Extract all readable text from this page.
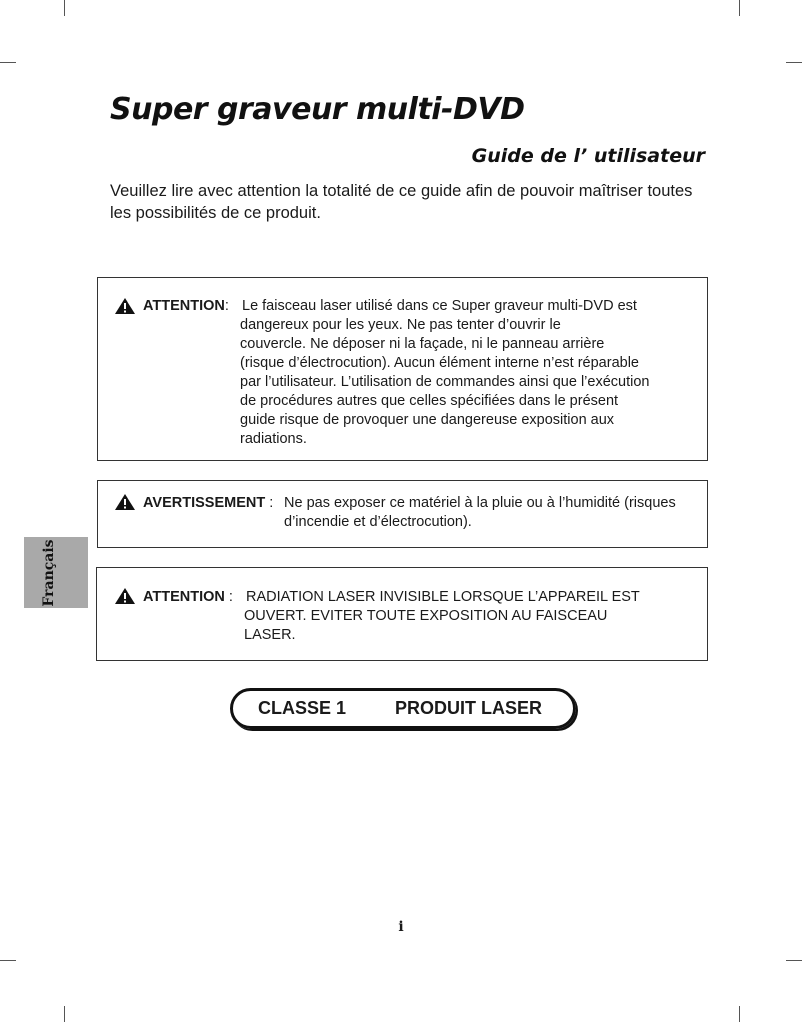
Super graveur multi-DVD
Guide de l’ utilisateur

Veuillez lire avec attention la totalité de ce guide afin de pouvoir maîtriser toutes les possibilités de ce produit.

ATTENTION: Le faisceau laser utilisé dans ce Super graveur multi-DVD est
dangereux pour les yeux. Ne pas tenter d’ouvrir le
couvercle. Ne déposer ni la façade, ni le panneau arrière
(risque d’électrocution). Aucun élément interne n’est réparable
par l’utilisateur. L’utilisation de commandes ainsi que l’exécution
de procédures autres que celles spécifiées dans le présent
guide risque de provoquer une dangereuse exposition aux
radiations.
AVERTISSEMENT : Ne pas exposer ce matériel à la pluie ou à l’humidité (risques
d’incendie et d’électrocution).
ATTENTION : RADIATION LASER INVISIBLE LORSQUE L’APPAREIL EST
OUVERT. EVITER TOUTE EXPOSITION AU FAISCEAU
LASER.
Français
CLASSE 1	PRODUIT LASER
i
